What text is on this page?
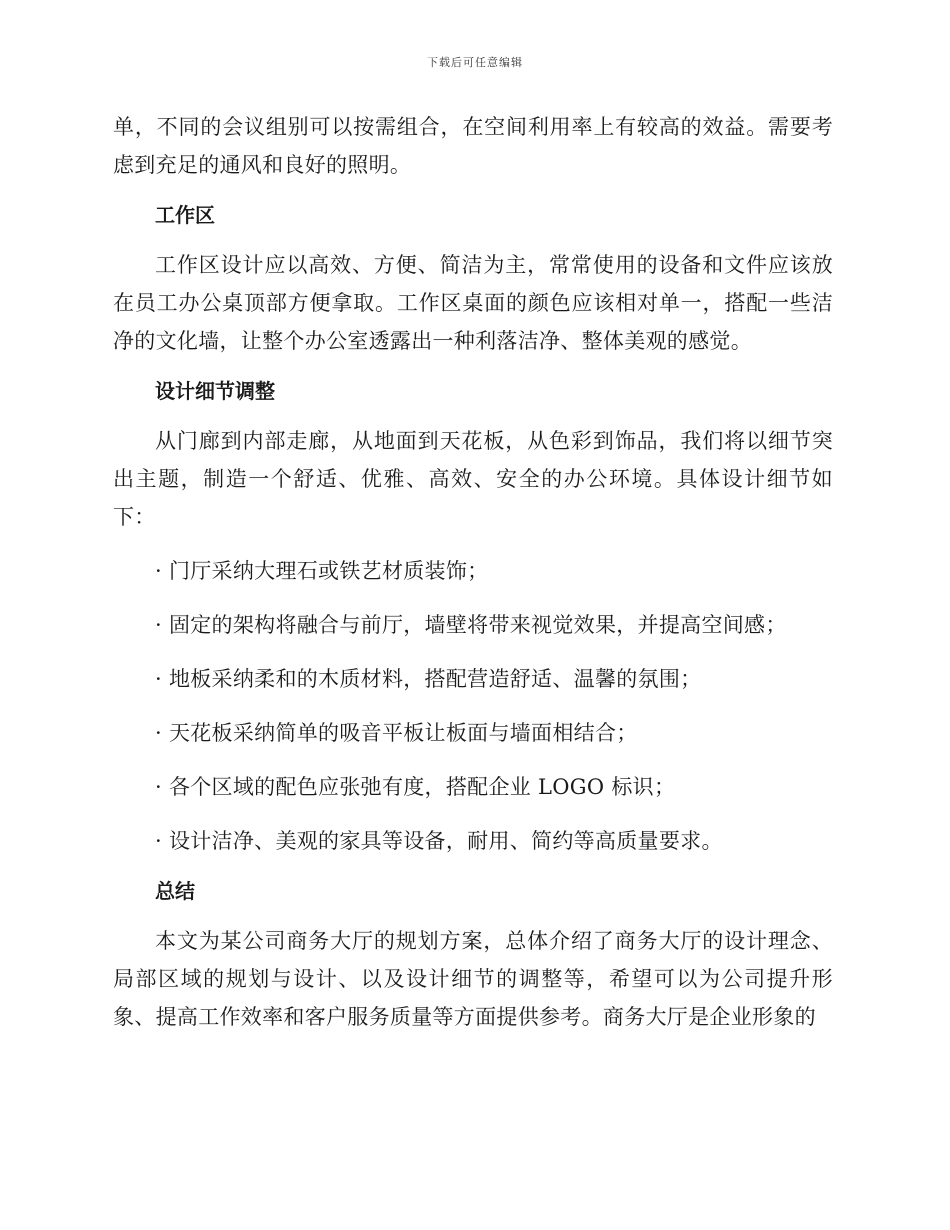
下载后可任意编辑

单，不同的会议组别可以按需组合，在空间利用率上有较高的效益。需要考虑到充足的通风和良好的照明。

工作区

工作区设计应以高效、方便、简洁为主，常常使用的设备和文件应该放在员工办公桌顶部方便拿取。工作区桌面的颜色应该相对单一，搭配一些洁净的文化墙，让整个办公室透露出一种利落洁净、整体美观的感觉。

设计细节调整

从门廊到内部走廊，从地面到天花板，从色彩到饰品，我们将以细节突出主题，制造一个舒适、优雅、高效、安全的办公环境。具体设计细节如下：

· 门厅采纳大理石或铁艺材质装饰；

· 固定的架构将融合与前厅，墙壁将带来视觉效果，并提高空间感；

· 地板采纳柔和的木质材料，搭配营造舒适、温馨的氛围；

· 天花板采纳简单的吸音平板让板面与墙面相结合；

· 各个区域的配色应张弛有度，搭配企业 LOGO 标识；

· 设计洁净、美观的家具等设备，耐用、简约等高质量要求。

总结

本文为某公司商务大厅的规划方案，总体介绍了商务大厅的设计理念、局部区域的规划与设计、以及设计细节的调整等，希望可以为公司提升形象、提高工作效率和客户服务质量等方面提供参考。商务大厅是企业形象的
